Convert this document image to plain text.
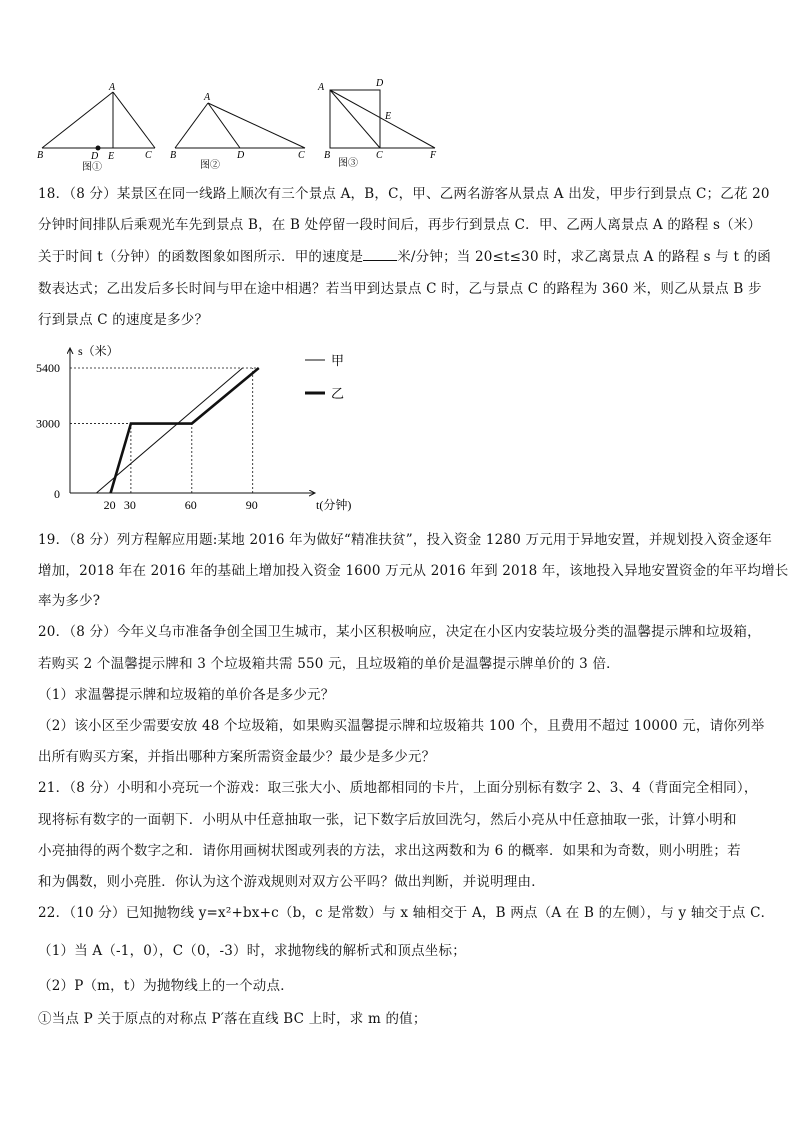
A
B	D E	C
图①
A
B	D	C
图②
A	D
E
B	C	F
图③
18．（8 分）某景区在同一线路上顺次有三个景点 A，B，C，甲、乙两名游客从景点 A 出发，甲步行到景点 C；乙花 20
分钟时间排队后乘观光车先到景点 B，在 B 处停留一段时间后，再步行到景点 C．甲、乙两人离景点 A 的路程 s（米）
关于时间 t（分钟）的函数图象如图所示．甲的速度是	米/分钟；当 20≤t≤30 时，求乙离景点 A 的路程 s 与 t 的函
数表达式；乙出发后多长时间与甲在途中相遇？若当甲到达景点 C 时，乙与景点 C 的路程为 360 米，则乙从景点 B 步
行到景点 C 的速度是多少？
s（米）
t(分钟)
0
5400
3000
20 30	60	90
甲
乙
19．（8 分）列方程解应用题:某地 2016 年为做好“精准扶贫”，投入资金 1280 万元用于异地安置，并规划投入资金逐年
增加，2018 年在 2016 年的基础上增加投入资金 1600 万元从 2016 年到 2018 年，该地投入异地安置资金的年平均增长
率为多少?
20．（8 分）今年义乌市准备争创全国卫生城市，某小区积极响应，决定在小区内安装垃圾分类的温馨提示牌和垃圾箱，
若购买 2 个温馨提示牌和 3 个垃圾箱共需 550 元，且垃圾箱的单价是温馨提示牌单价的 3 倍．
（1）求温馨提示牌和垃圾箱的单价各是多少元？
（2）该小区至少需要安放 48 个垃圾箱，如果购买温馨提示牌和垃圾箱共 100 个，且费用不超过 10000 元，请你列举
出所有购买方案，并指出哪种方案所需资金最少？最少是多少元？
21．（8 分）小明和小亮玩一个游戏：取三张大小、质地都相同的卡片，上面分别标有数字 2、3、4（背面完全相同），
现将标有数字的一面朝下．小明从中任意抽取一张，记下数字后放回洗匀，然后小亮从中任意抽取一张，计算小明和
小亮抽得的两个数字之和．请你用画树状图或列表的方法，求出这两数和为 6 的概率．如果和为奇数，则小明胜；若
和为偶数，则小亮胜．你认为这个游戏规则对双方公平吗？做出判断，并说明理由．
22．（10 分）已知抛物线 y=x²+bx+c（b，c 是常数）与 x 轴相交于 A，B 两点（A 在 B 的左侧），与 y 轴交于点 C．
（1）当 A（-1，0），C（0，-3）时，求抛物线的解析式和顶点坐标；
（2）P（m，t）为抛物线上的一个动点．
①当点 P 关于原点的对称点 P′落在直线 BC 上时，求 m 的值；
